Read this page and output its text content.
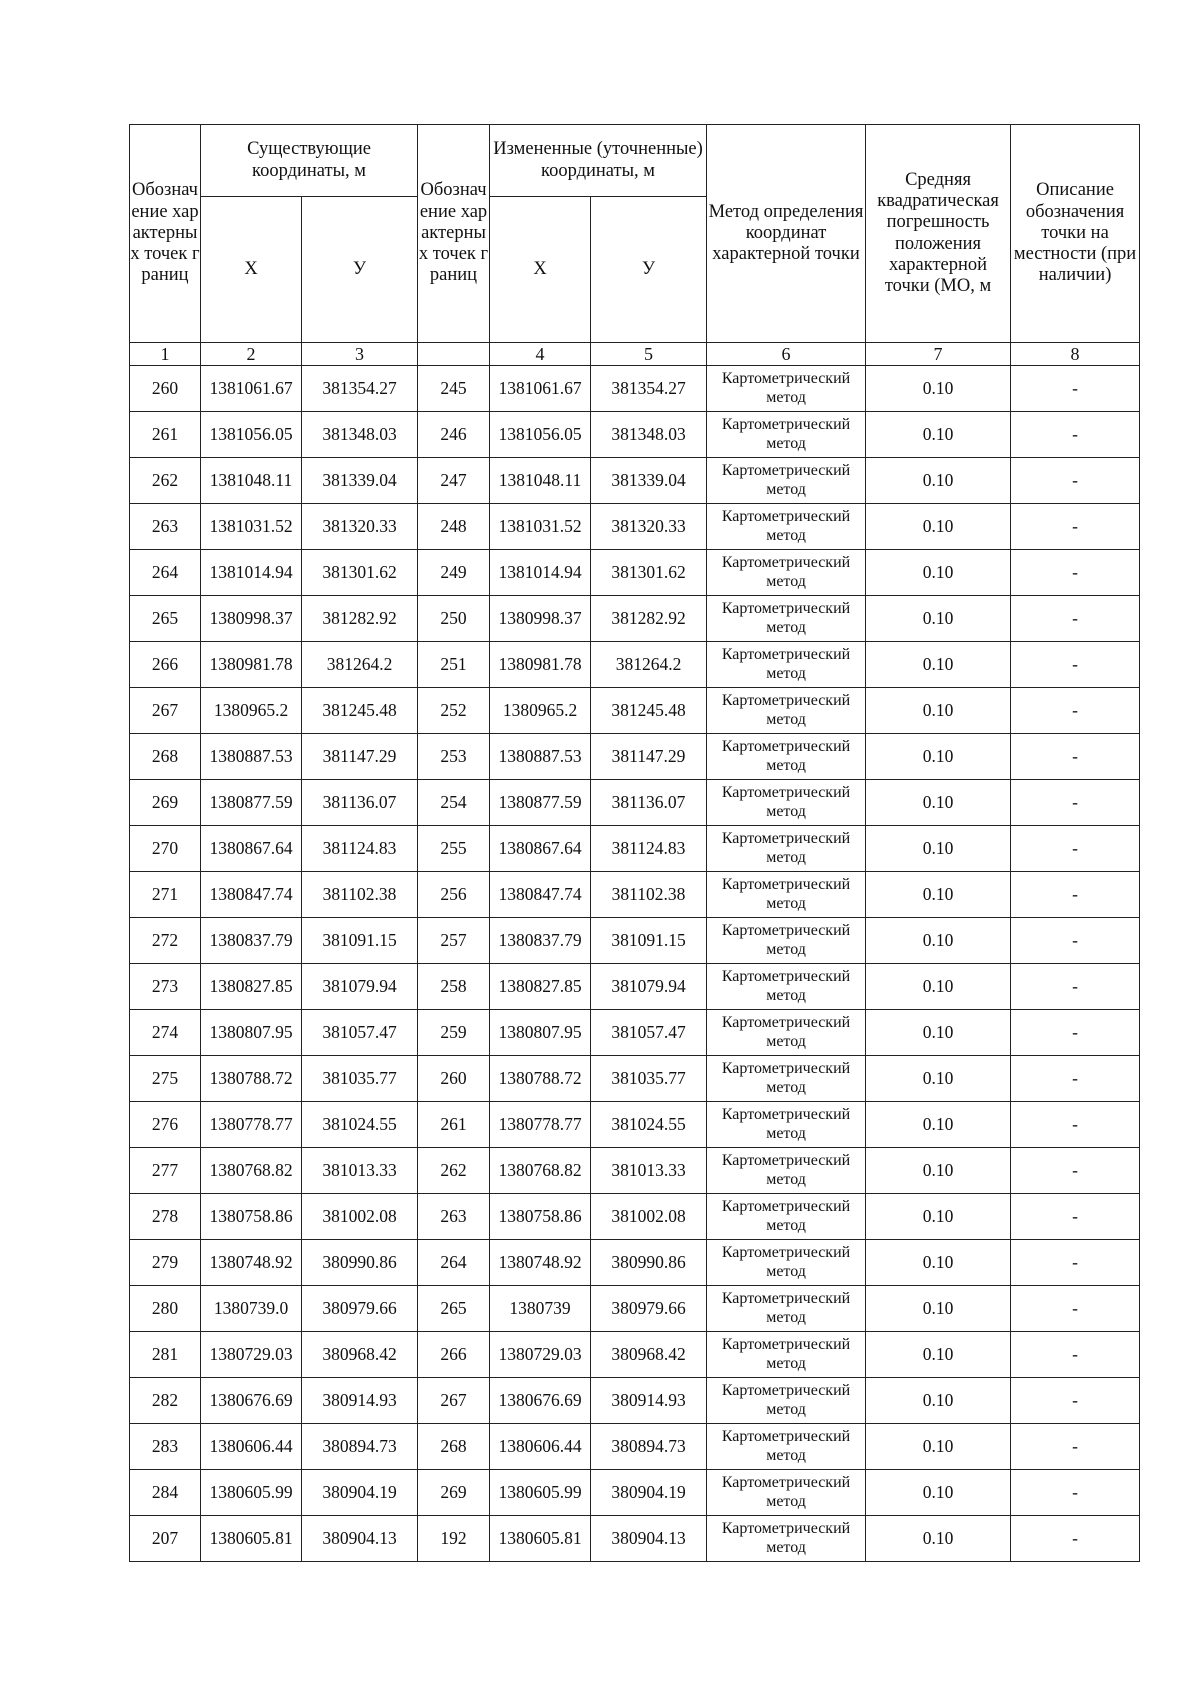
Обозначение характерных точек границ	Существующие координаты, м		Обозначение характерных точек границ	Измененные (уточненные) координаты, м		Метод определения координат характерной точки	Средняя квадратическая погрешность положения характерной точки (МО, м	Описание обозначения точки на местности (при наличии)
	Х	У		Х	У			
1	2	3		4	5	6	7	8
260	1381061.67	381354.27	245	1381061.67	381354.27	Картометрический метод	0.10	-
261	1381056.05	381348.03	246	1381056.05	381348.03	Картометрический метод	0.10	-
262	1381048.11	381339.04	247	1381048.11	381339.04	Картометрический метод	0.10	-
263	1381031.52	381320.33	248	1381031.52	381320.33	Картометрический метод	0.10	-
264	1381014.94	381301.62	249	1381014.94	381301.62	Картометрический метод	0.10	-
265	1380998.37	381282.92	250	1380998.37	381282.92	Картометрический метод	0.10	-
266	1380981.78	381264.2	251	1380981.78	381264.2	Картометрический метод	0.10	-
267	1380965.2	381245.48	252	1380965.2	381245.48	Картометрический метод	0.10	-
268	1380887.53	381147.29	253	1380887.53	381147.29	Картометрический метод	0.10	-
269	1380877.59	381136.07	254	1380877.59	381136.07	Картометрический метод	0.10	-
270	1380867.64	381124.83	255	1380867.64	381124.83	Картометрический метод	0.10	-
271	1380847.74	381102.38	256	1380847.74	381102.38	Картометрический метод	0.10	-
272	1380837.79	381091.15	257	1380837.79	381091.15	Картометрический метод	0.10	-
273	1380827.85	381079.94	258	1380827.85	381079.94	Картометрический метод	0.10	-
274	1380807.95	381057.47	259	1380807.95	381057.47	Картометрический метод	0.10	-
275	1380788.72	381035.77	260	1380788.72	381035.77	Картометрический метод	0.10	-
276	1380778.77	381024.55	261	1380778.77	381024.55	Картометрический метод	0.10	-
277	1380768.82	381013.33	262	1380768.82	381013.33	Картометрический метод	0.10	-
278	1380758.86	381002.08	263	1380758.86	381002.08	Картометрический метод	0.10	-
279	1380748.92	380990.86	264	1380748.92	380990.86	Картометрический метод	0.10	-
280	1380739.0	380979.66	265	1380739	380979.66	Картометрический метод	0.10	-
281	1380729.03	380968.42	266	1380729.03	380968.42	Картометрический метод	0.10	-
282	1380676.69	380914.93	267	1380676.69	380914.93	Картометрический метод	0.10	-
283	1380606.44	380894.73	268	1380606.44	380894.73	Картометрический метод	0.10	-
284	1380605.99	380904.19	269	1380605.99	380904.19	Картометрический метод	0.10	-
207	1380605.81	380904.13	192	1380605.81	380904.13	Картометрический метод	0.10	-
